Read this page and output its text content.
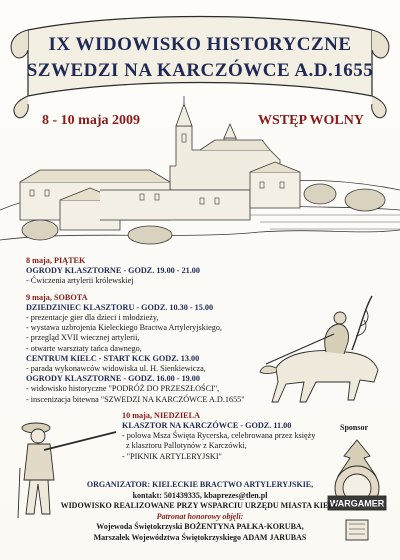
IX WIDOWISKO HISTORYCZNE
SZWEDZI NA KARCZÓWCE A.D.1655
8 - 10 maja 2009	WSTĘP WOLNY
8 maja, PIĄTEK
OGRODY KLASZTORNE - GODZ. 19.00 - 21.00
- Ćwiczenia artylerii królewskiej
9 maja, SOBOTA
DZIEDZINIEC KLASZTORU - GODZ. 10.30 - 15.00
- prezentacje gier dla dzieci i młodzieży,
- wystawa uzbrojenia Kieleckiego Bractwa Artyleryjskiego,
- przegląd XVII wiecznej artylerii,
- otwarte warsztaty tańca dawnego,
CENTRUM KIELC - START KCK GODZ. 13.00
- parada wykonawców widowiska ul. H. Sienkiewicza,
OGRODY KLASZTORNE - GODZ. 16.00 - 19.00
- widowisko historyczne "PODRÓŻ DO PRZESZŁOŚCI",
- inscenizacja bitewna "SZWEDZI NA KARCZÓWCE A.D.1655"
10 maja, NIEDZIELA
KLASZTOR NA KARCZÓWCE - GODZ. 11.00
- polowa Msza Święta Rycerska, celebrowana przez księży
z klasztoru Pallotynów z Karczówki,
- "PIKNIK ARTYLERYJSKI"
Sponsor
WARGAMER
ORGANIZATOR: KIELECKIE BRACTWO ARTYLERYJSKIE,
kontakt: 501439335, kbaprezes@tlen.pl
WIDOWISKO REALIZOWANE PRZY WSPARCIU URZĘDU MIASTA KIELC
Patronat honorowy objęli:
Wojewoda Świętokrzyski BOŻENTYNA PAŁKA-KORUBA,
Marszałek Województwa Świętokrzyskiego ADAM JARUBAS
